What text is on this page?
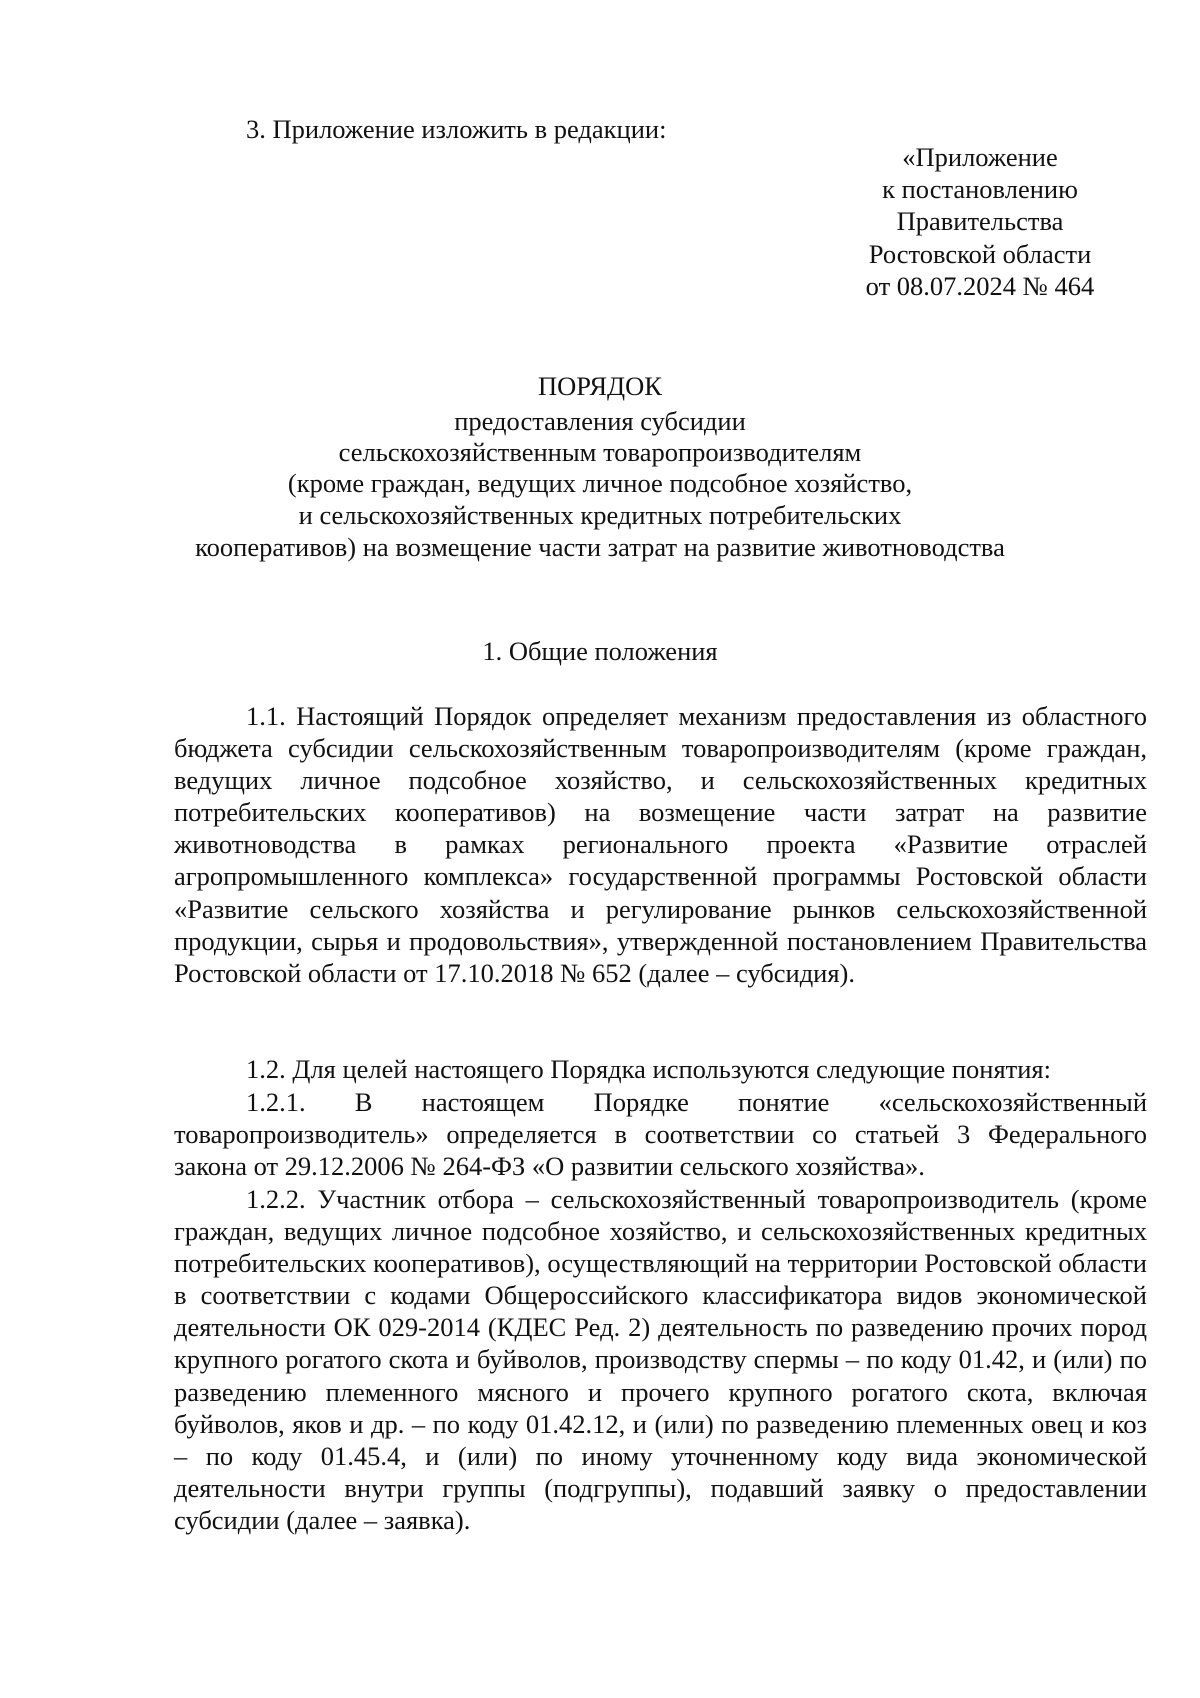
3. Приложение изложить в редакции:
«Приложение
к постановлению
Правительства
Ростовской области
от 08.07.2024 № 464
ПОРЯДОК
предоставления субсидии
сельскохозяйственным товаропроизводителям
(кроме граждан, ведущих личное подсобное хозяйство,
и сельскохозяйственных кредитных потребительских
кооперативов) на возмещение части затрат на развитие животноводства
1. Общие положения
1.1. Настоящий Порядок определяет механизм предоставления из областного бюджета субсидии сельскохозяйственным товаропроизводителям (кроме граждан, ведущих личное подсобное хозяйство, и сельскохозяйственных кредитных потребительских кооперативов) на возмещение части затрат на развитие животноводства в рамках регионального проекта «Развитие отраслей агропромышленного комплекса» государственной программы Ростовской области «Развитие сельского хозяйства и регулирование рынков сельскохозяйственной продукции, сырья и продовольствия», утвержденной постановлением Правительства Ростовской области от 17.10.2018 № 652 (далее – субсидия).
1.2. Для целей настоящего Порядка используются следующие понятия:
1.2.1. В настоящем Порядке понятие «сельскохозяйственный товаропроизводитель» определяется в соответствии со статьей 3 Федерального закона от 29.12.2006 № 264-ФЗ «О развитии сельского хозяйства».
1.2.2. Участник отбора – сельскохозяйственный товаропроизводитель (кроме граждан, ведущих личное подсобное хозяйство, и сельскохозяйственных кредитных потребительских кооперативов), осуществляющий на территории Ростовской области в соответствии с кодами Общероссийского классификатора видов экономической деятельности ОК 029-2014 (КДЕС Ред. 2) деятельность по разведению прочих пород крупного рогатого скота и буйволов, производству спермы – по коду 01.42, и (или) по разведению племенного мясного и прочего крупного рогатого скота, включая буйволов, яков и др. – по коду 01.42.12, и (или) по разведению племенных овец и коз – по коду 01.45.4, и (или) по иному уточненному коду вида экономической деятельности внутри группы (подгруппы), подавший заявку о предоставлении субсидии (далее – заявка).
